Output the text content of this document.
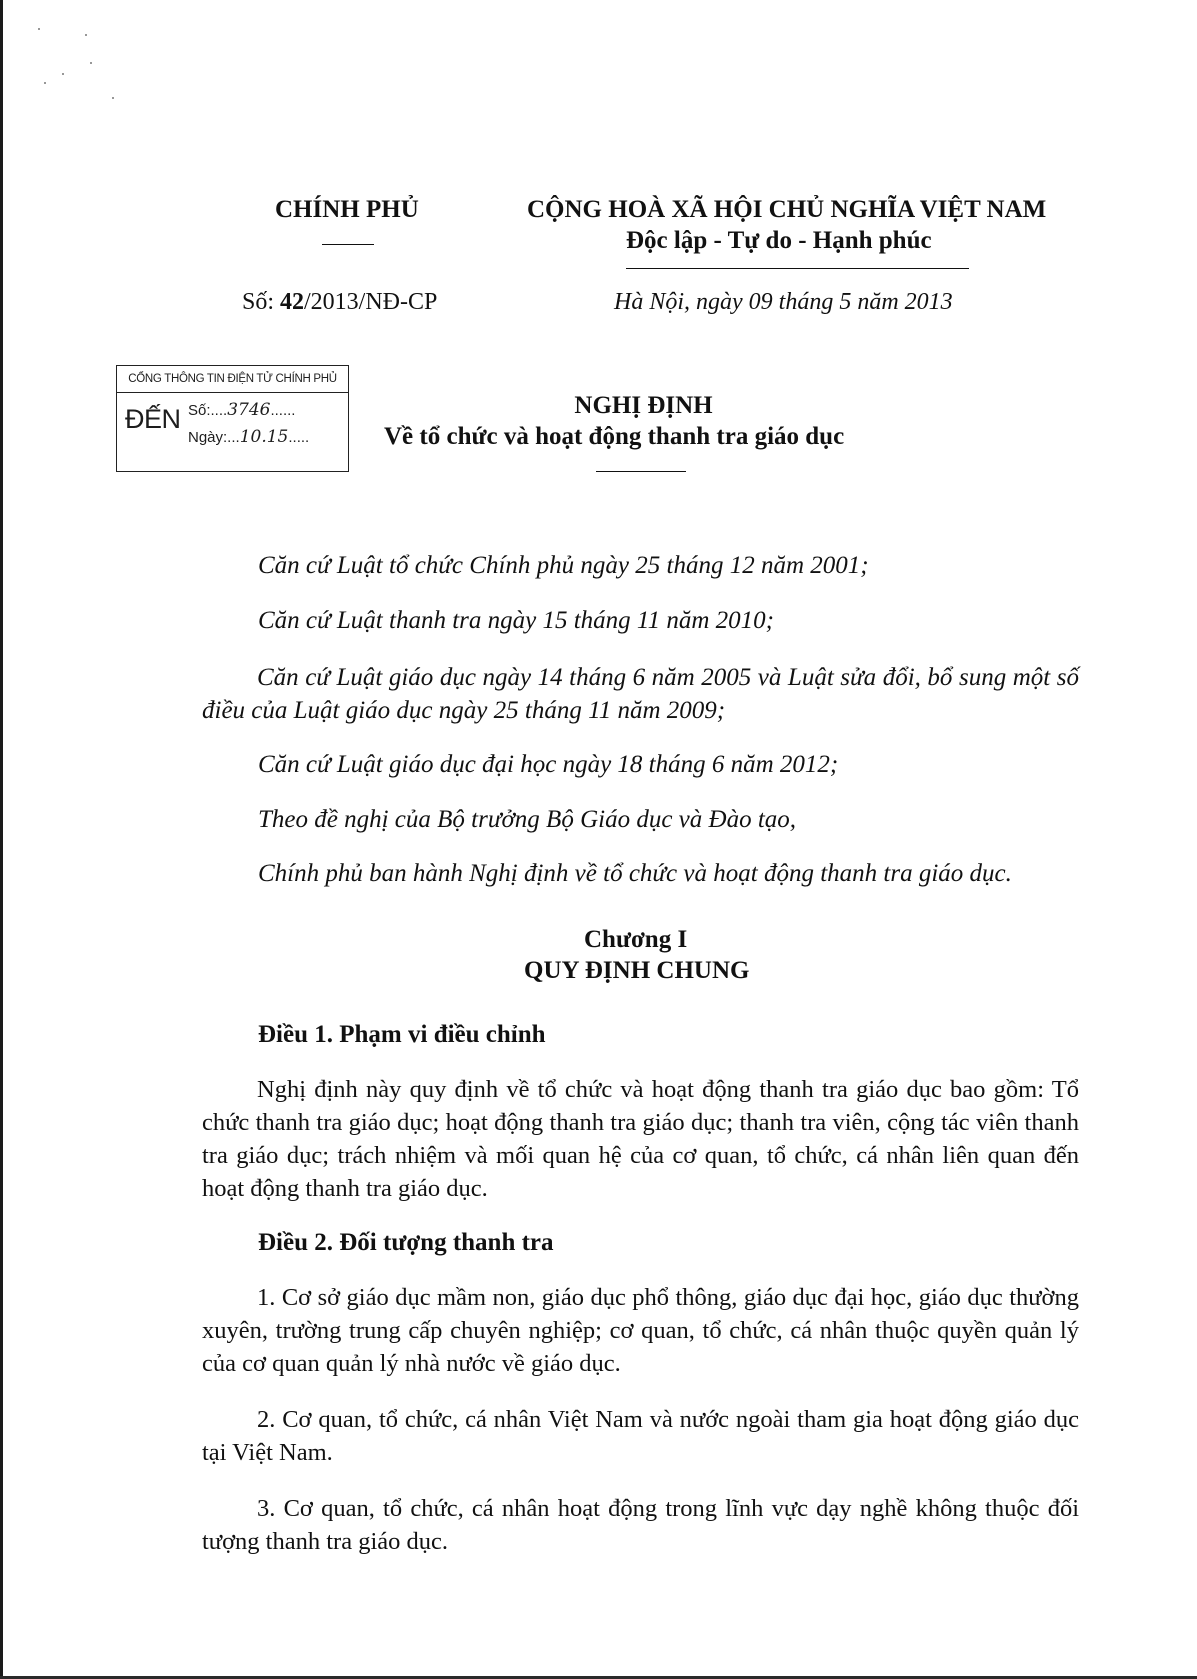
CHÍNH PHỦ	CỘNG HOÀ XÃ HỘI CHỦ NGHĨA VIỆT NAM
Độc lập - Tự do - Hạnh phúc
Số: 42/2013/NĐ-CP	Hà Nội, ngày 09 tháng 5 năm 2013
CỔNG THÔNG TIN ĐIỆN TỬ CHÍNH PHỦ
ĐẾN Số:....3746......
Ngày:...10.15.....
NGHỊ ĐỊNH
Về tổ chức và hoạt động thanh tra giáo dục
Căn cứ Luật tổ chức Chính phủ ngày 25 tháng 12 năm 2001;
Căn cứ Luật thanh tra ngày 15 tháng 11 năm 2010;
Căn cứ Luật giáo dục ngày 14 tháng 6 năm 2005 và Luật sửa đổi, bổ sung một số điều của Luật giáo dục ngày 25 tháng 11 năm 2009;
Căn cứ Luật giáo dục đại học ngày 18 tháng 6 năm 2012;
Theo đề nghị của Bộ trưởng Bộ Giáo dục và Đào tạo,
Chính phủ ban hành Nghị định về tổ chức và hoạt động thanh tra giáo dục.
Chương I
QUY ĐỊNH CHUNG
Điều 1. Phạm vi điều chỉnh
Nghị định này quy định về tổ chức và hoạt động thanh tra giáo dục bao gồm: Tổ chức thanh tra giáo dục; hoạt động thanh tra giáo dục; thanh tra viên, cộng tác viên thanh tra giáo dục; trách nhiệm và mối quan hệ của cơ quan, tổ chức, cá nhân liên quan đến hoạt động thanh tra giáo dục.
Điều 2. Đối tượng thanh tra
1. Cơ sở giáo dục mầm non, giáo dục phổ thông, giáo dục đại học, giáo dục thường xuyên, trường trung cấp chuyên nghiệp; cơ quan, tổ chức, cá nhân thuộc quyền quản lý của cơ quan quản lý nhà nước về giáo dục.
2. Cơ quan, tổ chức, cá nhân Việt Nam và nước ngoài tham gia hoạt động giáo dục tại Việt Nam.
3. Cơ quan, tổ chức, cá nhân hoạt động trong lĩnh vực dạy nghề không thuộc đối tượng thanh tra giáo dục.
